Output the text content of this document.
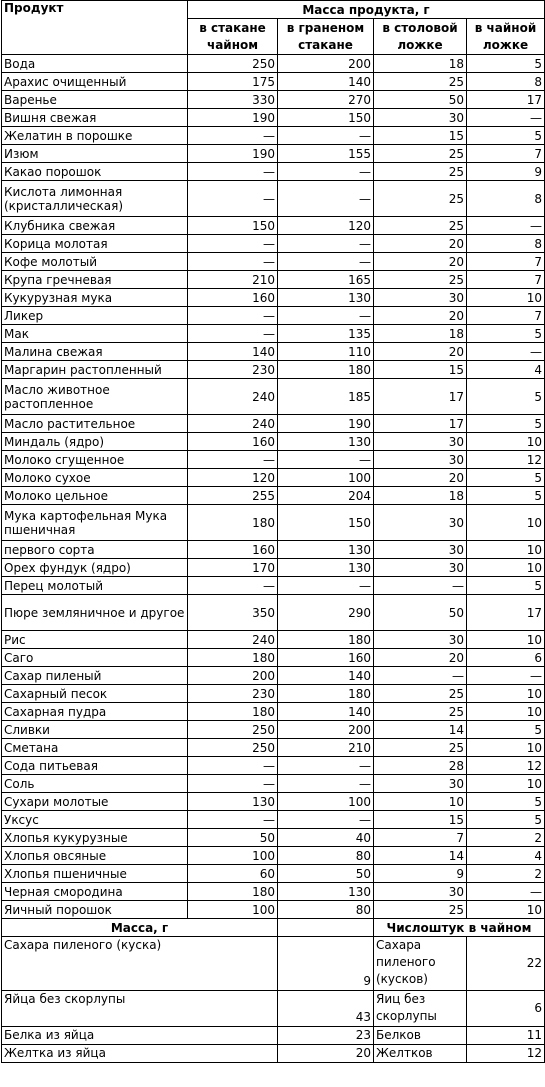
Продукт	Масса продукта, г			
	в стакане чайном	в граненом стакане	в столовой ложке	в чайной ложке
Вода	250	200	18	5
Арахис очищенный	175	140	25	8
Варенье	330	270	50	17
Вишня свежая	190	150	30	—
Желатин в порошке	—	—	15	5
Изюм	190	155	25	7
Какао порошок	—	—	25	9
Кислота лимонная (кристаллическая)	—	—	25	8
Клубника свежая	150	120	25	—
Корица молотая	—	—	20	8
Кофе молотый	—	—	20	7
Крупа гречневая	210	165	25	7
Кукурузная мука	160	130	30	10
Ликер	—	—	20	7
Мак	—	135	18	5
Малина свежая	140	110	20	—
Маргарин растопленный	230	180	15	4
Масло животное растопленное	240	185	17	5
Масло растительное	240	190	17	5
Миндаль (ядро)	160	130	30	10
Молоко сгущенное	—	—	30	12
Молоко сухое	120	100	20	5
Молоко цельное	255	204	18	5
Мука картофельная Мука пшеничная	180	150	30	10
первого сорта	160	130	30	10
Орех фундук (ядро)	170	130	30	10
Перец молотый	—	—	—	5
Пюре земляничное и другое	350	290	50	17
Рис	240	180	30	10
Саго	180	160	20	6
Сахар пиленый	200	140	—	—
Сахарный песок	230	180	25	10
Сахарная пудра	180	140	25	10
Сливки	250	200	14	5
Сметана	250	210	25	10
Сода питьевая	—	—	28	12
Соль	—	—	30	10
Сухари молотые	130	100	10	5
Уксус	—	—	15	5
Хлопья кукурузные	50	40	7	2
Хлопья овсяные	100	80	14	4
Хлопья пшеничные	60	50	9	2
Черная смородина	180	130	30	—
Яичный порошок	100	80	25	10
Масса, г			Числоштук в чайном	
Сахара пиленого (куска)		9	Сахара пиленого (кусков)	22
Яйца без скорлупы		43	Яиц без скорлупы	6
Белка из яйца		23	Белков	11
Желтка из яйца		20	Желтков	12
